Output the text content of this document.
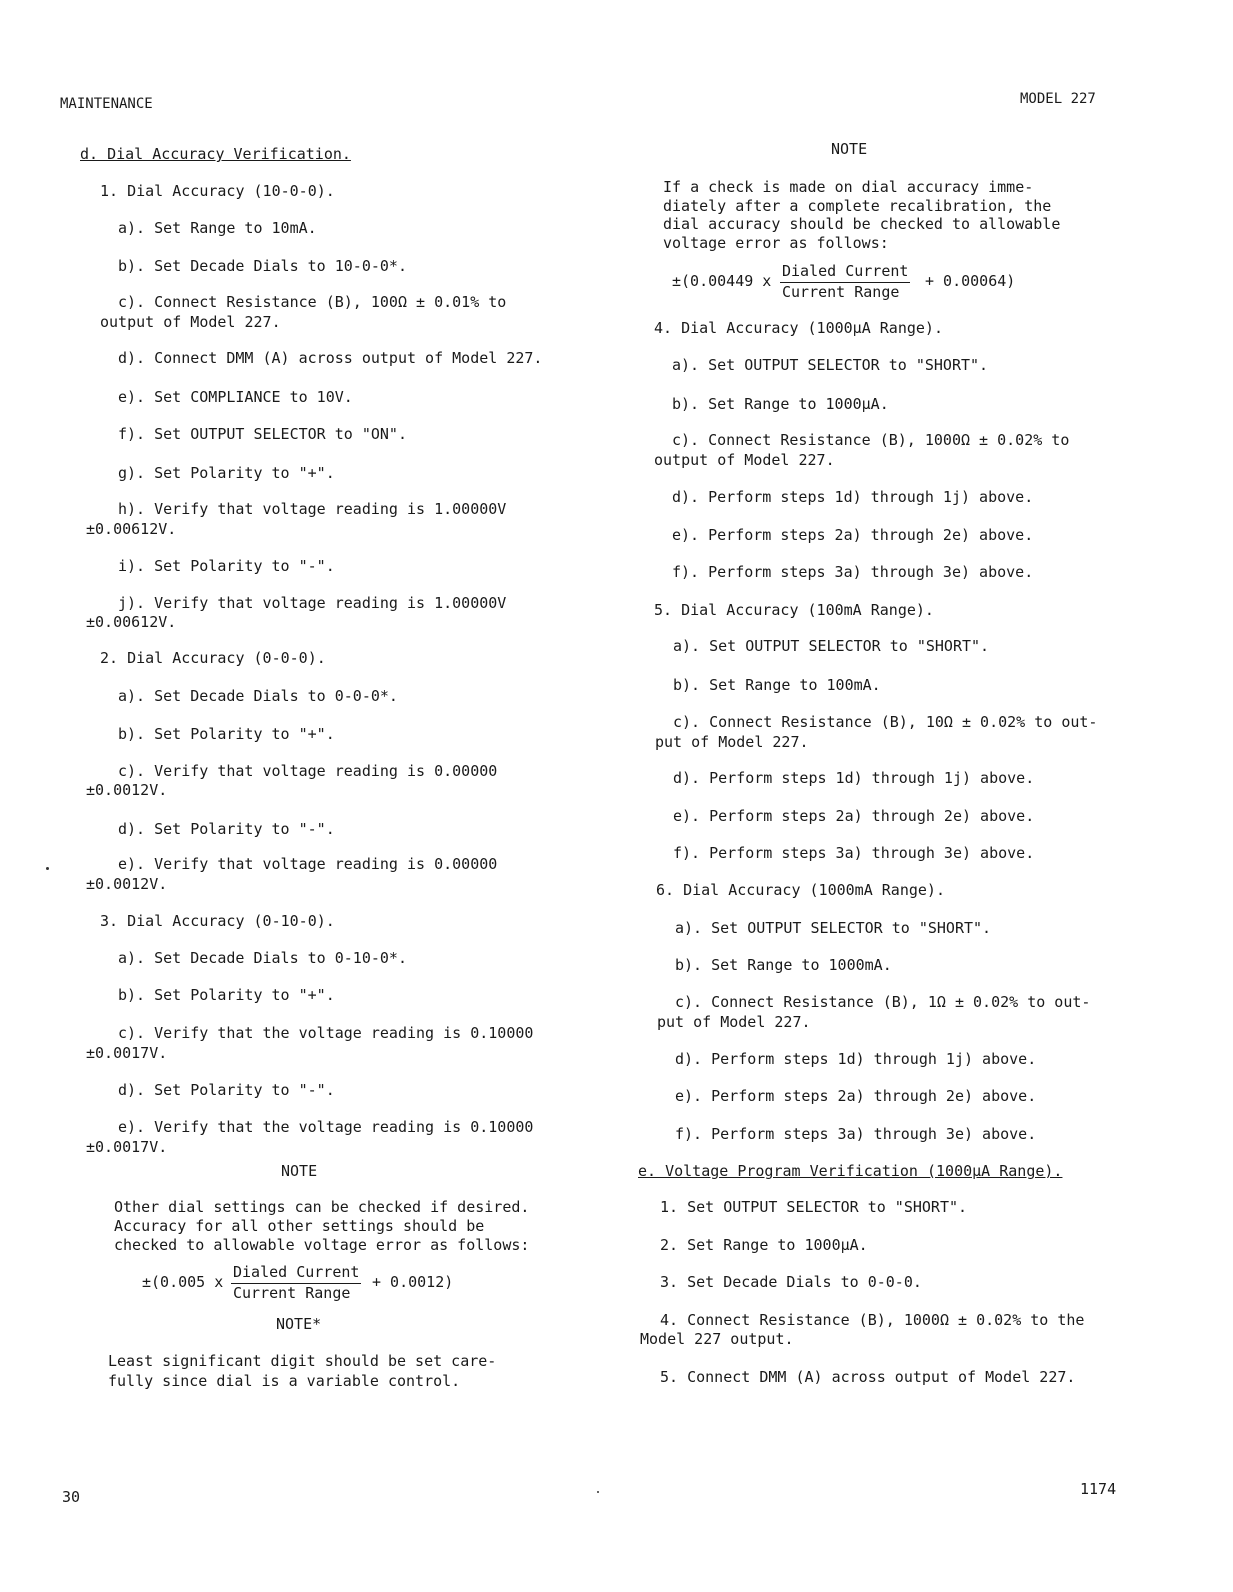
MAINTENANCE	MODEL 227
d. Dial Accuracy Verification.
1. Dial Accuracy (10-0-0).
a). Set Range to 10mA.
b). Set Decade Dials to 10-0-0*.
c). Connect Resistance (B), 100Ω ± 0.01% to
output of Model 227.
d). Connect DMM (A) across output of Model 227.
e). Set COMPLIANCE to 10V.
f). Set OUTPUT SELECTOR to "ON".
g). Set Polarity to "+".
h). Verify that voltage reading is 1.00000V
±0.00612V.
i). Set Polarity to "-".
j). Verify that voltage reading is 1.00000V
±0.00612V.
2. Dial Accuracy (0-0-0).
a). Set Decade Dials to 0-0-0*.
b). Set Polarity to "+".
c). Verify that voltage reading is 0.00000
±0.0012V.
d). Set Polarity to "-".
e). Verify that voltage reading is 0.00000
±0.0012V.
3. Dial Accuracy (0-10-0).
a). Set Decade Dials to 0-10-0*.
b). Set Polarity to "+".
c). Verify that the voltage reading is 0.10000
±0.0017V.
d). Set Polarity to "-".
e). Verify that the voltage reading is 0.10000
±0.0017V.
NOTE
Other dial settings can be checked if desired.
Accuracy for all other settings should be
checked to allowable voltage error as follows:
±(0.005 x

Dialed Current

Current Range

+ 0.0012)
NOTE*
Least significant digit should be set care-
fully since dial is a variable control.
NOTE
If a check is made on dial accuracy imme-
diately after a complete recalibration, the
dial accuracy should be checked to allowable
voltage error as follows:
±(0.00449 x

Dialed Current

Current Range

+ 0.00064)
4. Dial Accuracy (1000μA Range).
a). Set OUTPUT SELECTOR to "SHORT".
b). Set Range to 1000μA.
c). Connect Resistance (B), 1000Ω ± 0.02% to
output of Model 227.
d). Perform steps 1d) through 1j) above.
e). Perform steps 2a) through 2e) above.
f). Perform steps 3a) through 3e) above.
5. Dial Accuracy (100mA Range).
a). Set OUTPUT SELECTOR to "SHORT".
b). Set Range to 100mA.
c). Connect Resistance (B), 10Ω ± 0.02% to out-
put of Model 227.
d). Perform steps 1d) through 1j) above.
e). Perform steps 2a) through 2e) above.
f). Perform steps 3a) through 3e) above.
6. Dial Accuracy (1000mA Range).
a). Set OUTPUT SELECTOR to "SHORT".
b). Set Range to 1000mA.
c). Connect Resistance (B), 1Ω ± 0.02% to out-
put of Model 227.
d). Perform steps 1d) through 1j) above.
e). Perform steps 2a) through 2e) above.
f). Perform steps 3a) through 3e) above.
e. Voltage Program Verification (1000μA Range).
1. Set OUTPUT SELECTOR to "SHORT".
2. Set Range to 1000μA.
3. Set Decade Dials to 0-0-0.
4. Connect Resistance (B), 1000Ω ± 0.02% to the
Model 227 output.
5. Connect DMM (A) across output of Model 227.
30	1174
